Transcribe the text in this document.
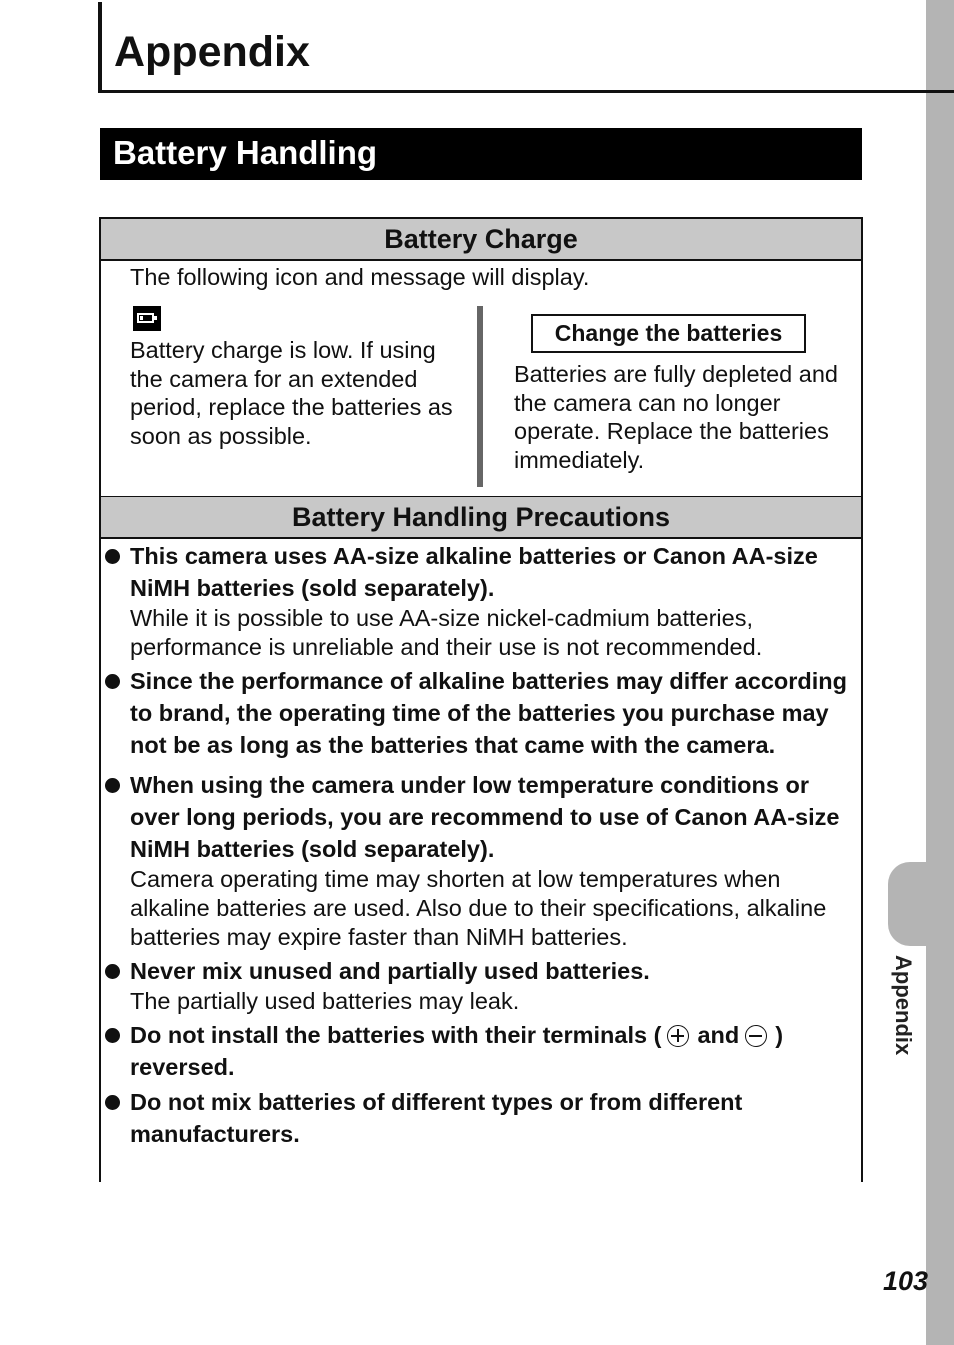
Appendix
Appendix
Battery Handling
Battery Charge

The following icon and message will display.

Battery charge is low. If using the camera for an extended period, replace the batteries as soon as possible.

Change the batteries

Batteries are fully depleted and the camera can no longer operate. Replace the batteries immediately.

Battery Handling Precautions
This camera uses AA-size alkaline batteries or Canon AA-size NiMH batteries (sold separately).
While it is possible to use AA-size nickel-cadmium batteries, performance is unreliable and their use is not recommended.
Since the performance of alkaline batteries may differ according to brand, the operating time of the batteries you purchase may not be as long as the batteries that came with the camera.
When using the camera under low temperature conditions or over long periods, you are recommend to use of Canon AA-size NiMH batteries (sold separately).
Camera operating time may shorten at low temperatures when alkaline batteries are used. Also due to their specifications, alkaline batteries may expire faster than NiMH batteries.
Never mix unused and partially used batteries.
The partially used batteries may leak.
Do not install the batteries with their terminals ( and ) reversed.
Do not mix batteries of different types or from different manufacturers.
103
